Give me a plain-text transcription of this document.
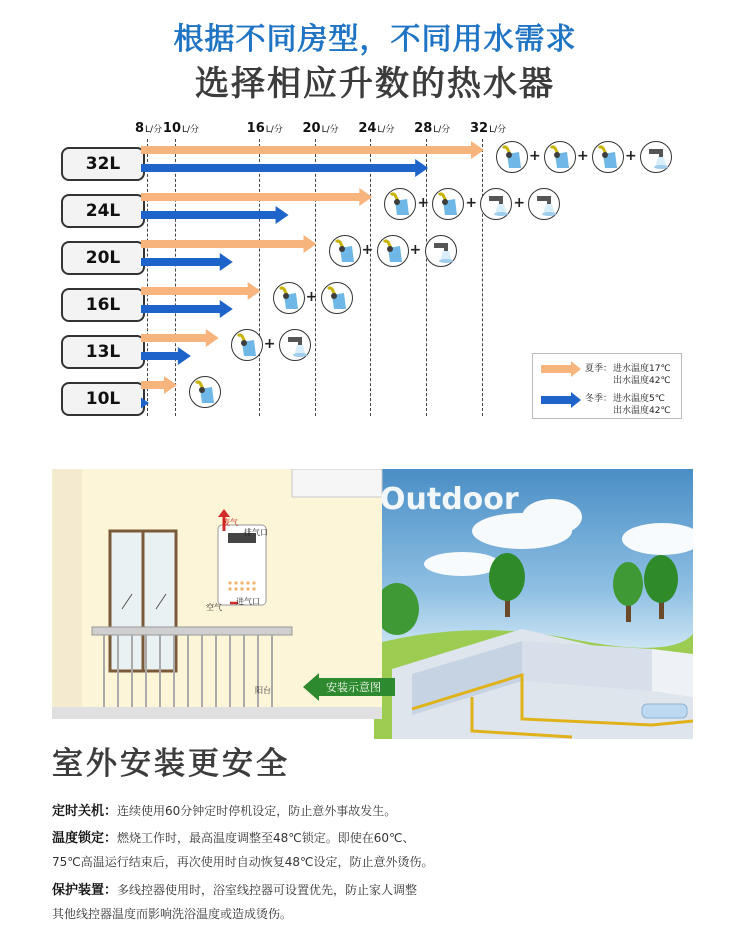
根据不同房型，不同用水需求
选择相应升数的热水器
8L/分 10L/分	16L/分 20L/分 24L/分 28L/分 32L/分
32L	+	+	+
24L	+	+	+
20L	+	+
16L	+
13L	+
10L
夏季： 进水温度17℃
出水温度42℃
冬季： 进水温度5℃
出水温度42℃
Outdoor
废气
排气口
空气
进气口
阳台	安装示意图
室外安装更安全
定时关机：连续使用60分钟定时停机设定，防止意外事故发生。
温度锁定：燃烧工作时，最高温度调整至48℃锁定。即使在60℃、
75℃高温运行结束后，再次使用时自动恢复48℃设定，防止意外烫伤。
保护装置：多线控器使用时，浴室线控器可设置优先，防止家人调整
其他线控器温度而影响洗浴温度或造成烫伤。
